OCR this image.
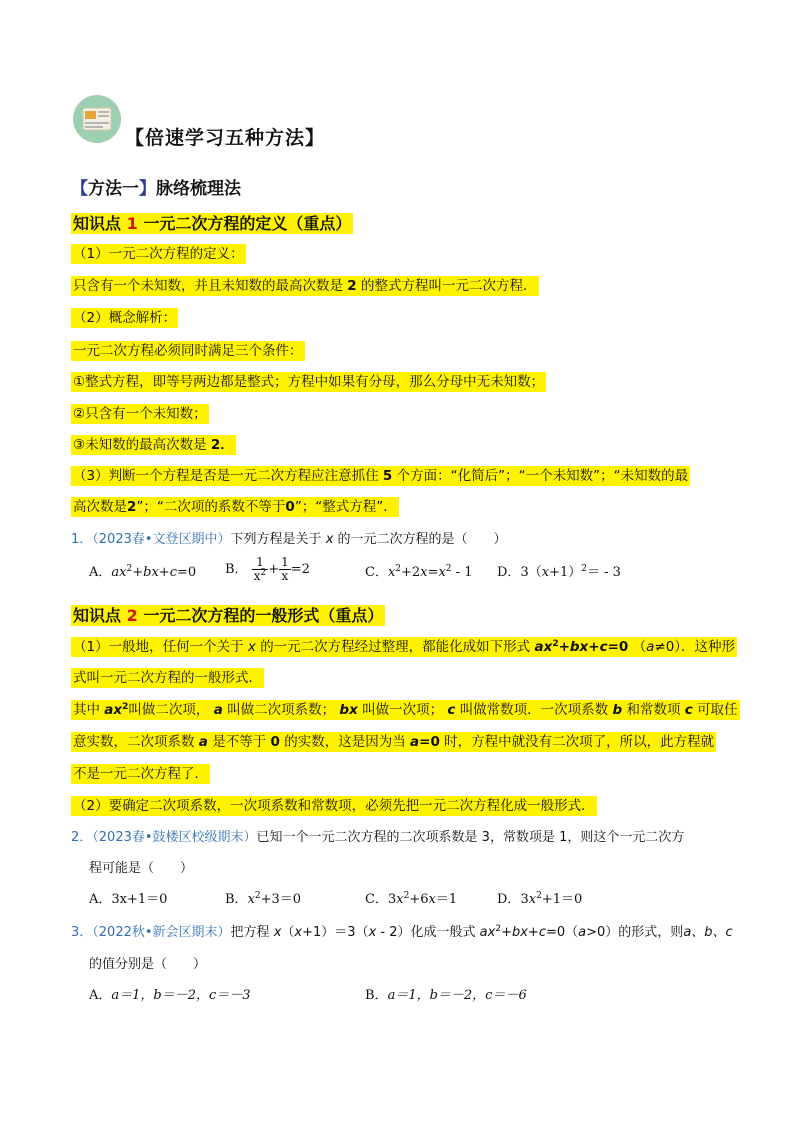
【倍速学习五种方法】
【方法一】脉络梳理法
知识点 1 一元二次方程的定义（重点）
（1）一元二次方程的定义：
只含有一个未知数，并且未知数的最高次数是 2 的整式方程叫一元二次方程．
（2）概念解析：
一元二次方程必须同时满足三个条件：
①整式方程，即等号两边都是整式；方程中如果有分母，那么分母中无未知数；
②只含有一个未知数；
③未知数的最高次数是 2．
（3）判断一个方程是否是一元二次方程应注意抓住 5 个方面：“化简后”；“一个未知数”；“未知数的最
高次数是2”；“二次项的系数不等于0”；“整式方程”．
1．（2023春•文登区期中）下列方程是关于 x 的一元二次方程的是（　　）
A．$ax^2+bx+c=0$ B． $\frac{1}{x^2} + \frac{1}{x} =2$	C．$x^2+2x=x^2 - 1$ D．$3(x+1)^2= - 3$
知识点 2 一元二次方程的一般形式（重点）
（1）一般地，任何一个关于 x 的一元二次方程经过整理，都能化成如下形式 $ax^2+bx+c=0$ （a≠0）．这种形
式叫一元二次方程的一般形式．
其中 $ax^2$叫做二次项， a 叫做二次项系数； bx 叫做一次项； c 叫做常数项．一次项系数 b 和常数项 c 可取任
意实数，二次项系数 a 是不等于 0 的实数，这是因为当 a=0 时，方程中就没有二次项了，所以，此方程就
不是一元二次方程了．
（2）要确定二次项系数，一次项系数和常数项，必须先把一元二次方程化成一般形式．
2．（2023春•鼓楼区校级期末）已知一个一元二次方程的二次项系数是 3，常数项是 1，则这个一元二次方
程可能是（　　）
A．3x+1＝0	B．$x^2+3=0$	C．$3x^2+6x=1$	D．$3x^2+1=0$
3．（2022秋•新会区期末）把方程 x（x+1）＝3（x - 2）化成一般式 $ax^2+bx+c=0(a>0)$的形式，则a、b、c
的值分别是（　　）
A．a＝1，b＝－2，c＝－3	B．a＝1，b＝－2，c＝－6
